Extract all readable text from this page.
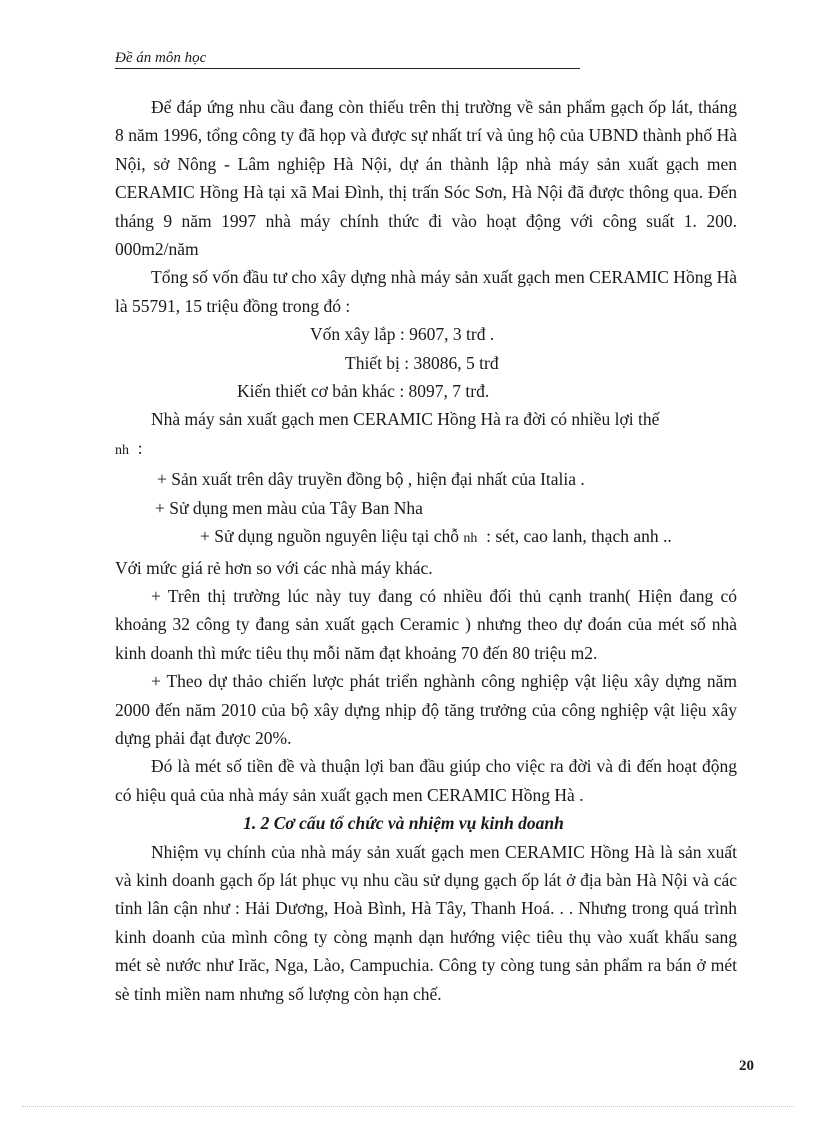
Đề án môn học

Để đáp ứng nhu cầu đang còn thiếu trên thị trường về sản phẩm gạch ốp lát, tháng 8 năm 1996, tổng công ty đã họp và được sự nhất trí và ủng hộ của UBND thành phố Hà Nội, sở Nông - Lâm nghiệp Hà Nội, dự án thành lập nhà máy sản xuất gạch men CERAMIC Hồng Hà tại xã Mai Đình, thị trấn Sóc Sơn, Hà Nội đã được thông qua. Đến tháng 9 năm 1997 nhà máy chính thức đi vào hoạt động với công suất 1. 200. 000m2/năm

Tổng số vốn đầu tư cho xây dựng nhà máy sản xuất gạch men CERAMIC Hồng Hà là 55791, 15 triệu đồng trong đó :

Vốn xây lắp : 9607, 3 trđ .

Thiết bị : 38086, 5 trđ

Kiến thiết cơ bản khác : 8097, 7 trđ.

Nhà máy sản xuất gạch men CERAMIC Hồng Hà ra đời có nhiều lợi thế
nh :

+ Sản xuất trên dây truyền đồng bộ , hiện đại nhất của Italia .

+ Sử dụng men màu của Tây Ban Nha

+ Sử dụng nguồn nguyên liệu tại chỗ nh : sét, cao lanh, thạch anh ..

Với mức giá rẻ hơn so với các nhà máy khác.

+ Trên thị trường lúc này tuy đang có nhiều đối thủ cạnh tranh( Hiện đang có khoảng 32 công ty đang sản xuất gạch Ceramic ) nhưng theo dự đoán của mét số nhà kinh doanh thì mức tiêu thụ mỗi năm đạt khoảng 70 đến 80 triệu m2.

+ Theo dự thảo chiến lược phát triển nghành công nghiệp vật liệu xây dựng năm 2000 đến năm 2010 của bộ xây dựng nhịp độ tăng trưởng của công nghiệp vật liệu xây dựng phải đạt được 20%.

Đó là mét số tiền đề và thuận lợi ban đầu giúp cho việc ra đời và đi đến hoạt động có hiệu quả của nhà máy sản xuất gạch men CERAMIC Hồng Hà .

1. 2 Cơ cấu tổ chức và nhiệm vụ kinh doanh

Nhiệm vụ chính của nhà máy sản xuất gạch men CERAMIC Hồng Hà là sản xuất và kinh doanh gạch ốp lát phục vụ nhu cầu sử dụng gạch ốp lát ở địa bàn Hà Nội và các tỉnh lân cận như : Hải Dương, Hoà Bình, Hà Tây, Thanh Hoá. . . Nhưng trong quá trình kinh doanh của mình công ty còng mạnh dạn hướng việc tiêu thụ vào xuất khẩu sang mét sè nước như Irăc, Nga, Lào, Campuchia. Công ty còng tung sản phẩm ra bán ở mét sè tỉnh miền nam nhưng số lượng còn hạn chế.

20
